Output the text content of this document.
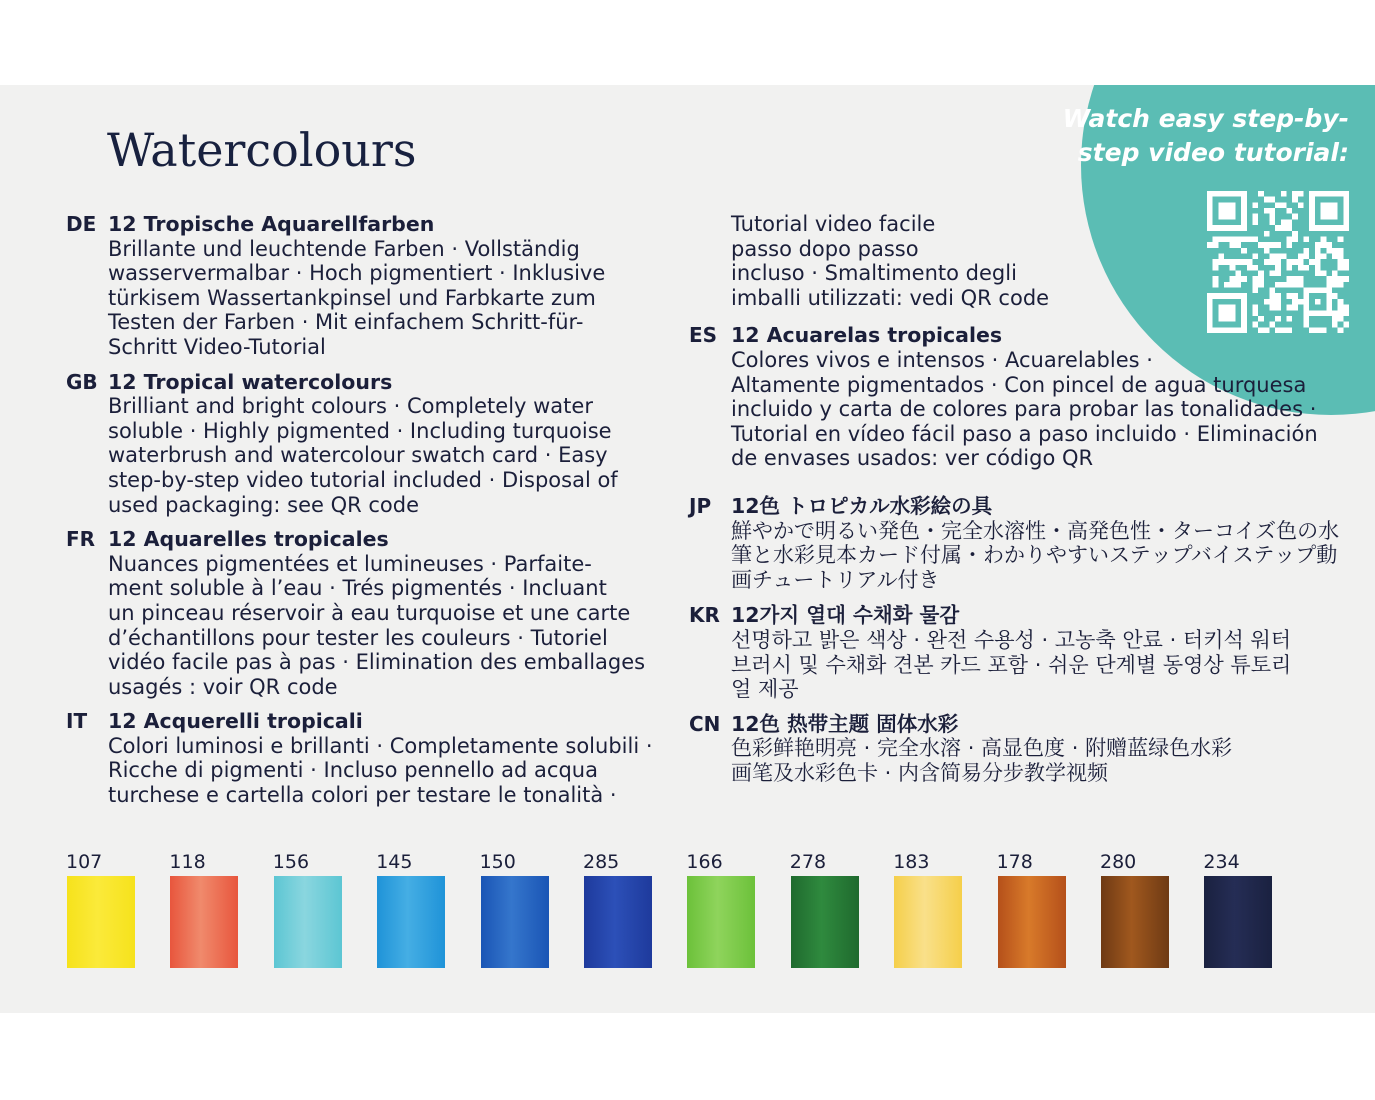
Watch easy step-by-
step video tutorial:
Watercolours
DE 12 Tropische Aquarellfarben
Brillante und leuchtende Farben · Vollständig
wasservermalbar · Hoch pigmentiert · Inklusive
türkisem Wassertankpinsel und Farbkarte zum
Testen der Farben · Mit einfachem Schritt-für-
Schritt Video-Tutorial
GB 12 Tropical watercolours
Brilliant and bright colours · Completely water
soluble · Highly pigmented · Including turquoise
waterbrush and watercolour swatch card · Easy
step-by-step video tutorial included · Disposal of
used packaging: see QR code
FR 12 Aquarelles tropicales
Nuances pigmentées et lumineuses · Parfaite-
ment soluble à l’eau · Trés pigmentés · Incluant
un pinceau réservoir à eau turquoise et une carte
d’échantillons pour tester les couleurs · Tutoriel
vidéo facile pas à pas · Elimination des emballages
usagés : voir QR code
IT 12 Acquerelli tropicali
Colori luminosi e brillanti · Completamente solubili ·
Ricche di pigmenti · Incluso pennello ad acqua
turchese e cartella colori per testare le tonalità ·
Tutorial video facile
passo dopo passo
incluso · Smaltimento degli
imballi utilizzati: vedi QR code
ES 12 Acuarelas tropicales
Colores vivos e intensos · Acuarelables ·
Altamente pigmentados · Con pincel de agua turquesa
incluido y carta de colores para probar las tonalidades ·
Tutorial en vídeo fácil paso a paso incluido · Eliminación
de envases usados: ver código QR
JP 12色 トロピカル水彩絵の具
鮮やかで明るい発色・完全水溶性・高発色性・ターコイズ色の水
筆と水彩見本カード付属・わかりやすいステップバイステップ動
画チュートリアル付き
KR 12가지 열대 수채화 물감
선명하고 밝은 색상 · 완전 수용성 · 고농축 안료 · 터키석 워터
브러시 및 수채화 견본 카드 포함 · 쉬운 단계별 동영상 튜토리
얼 제공
CN 12色 热带主题 固体水彩
色彩鲜艳明亮 · 完全水溶 · 高显色度 · 附赠蓝绿色水彩
画笔及水彩色卡 · 内含简易分步教学视频
107	118	156	145	150	285	166	278	183	178	280	234
